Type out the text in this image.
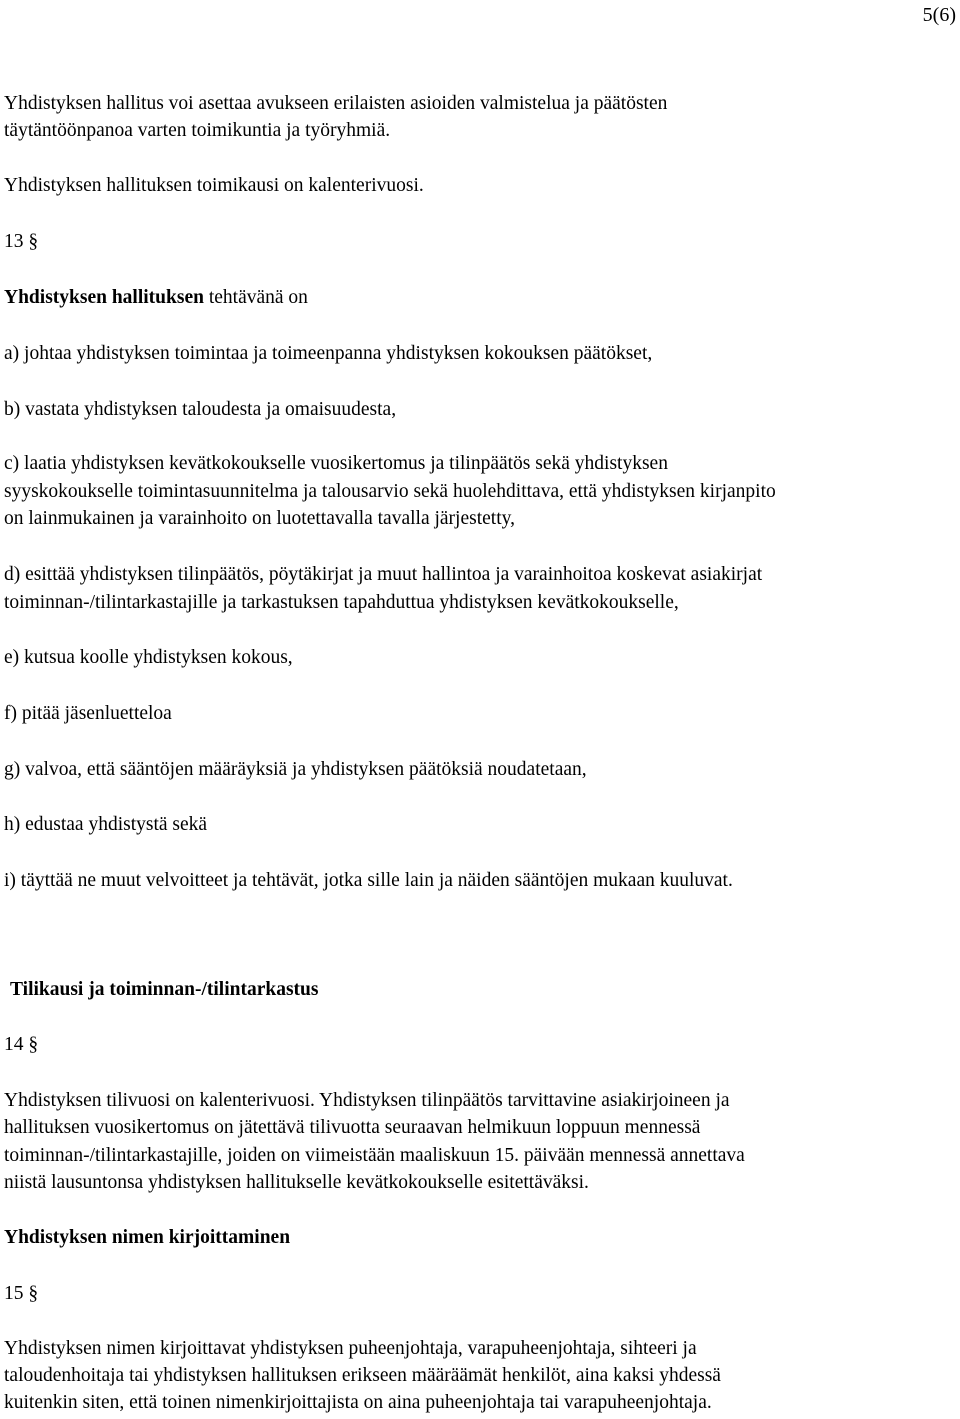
5(6)
Yhdistyksen hallitus voi asettaa avukseen erilaisten asioiden valmistelua ja päätösten
täytäntöönpanoa varten toimikuntia ja työryhmiä.
Yhdistyksen hallituksen toimikausi on kalenterivuosi.
13 §
Yhdistyksen hallituksen tehtävänä on
a) johtaa yhdistyksen toimintaa ja toimeenpanna yhdistyksen kokouksen päätökset,
b) vastata yhdistyksen taloudesta ja omaisuudesta,
c) laatia yhdistyksen kevätkokoukselle vuosikertomus ja tilinpäätös sekä yhdistyksen
syyskokoukselle toimintasuunnitelma ja talousarvio sekä huolehdittava, että yhdistyksen kirjanpito
on lainmukainen ja varainhoito on luotettavalla tavalla järjestetty,
d) esittää yhdistyksen tilinpäätös, pöytäkirjat ja muut hallintoa ja varainhoitoa koskevat asiakirjat
toiminnan-/tilintarkastajille ja tarkastuksen tapahduttua yhdistyksen kevätkokoukselle,
e) kutsua koolle yhdistyksen kokous,
f) pitää jäsenluetteloa
g) valvoa, että sääntöjen määräyksiä ja yhdistyksen päätöksiä noudatetaan,
h) edustaa yhdistystä sekä
i) täyttää ne muut velvoitteet ja tehtävät, jotka sille lain ja näiden sääntöjen mukaan kuuluvat.
Tilikausi ja toiminnan-/tilintarkastus
14 §
Yhdistyksen tilivuosi on kalenterivuosi. Yhdistyksen tilinpäätös tarvittavine asiakirjoineen ja
hallituksen vuosikertomus on jätettävä tilivuotta seuraavan helmikuun loppuun mennessä
toiminnan-/tilintarkastajille, joiden on viimeistään maaliskuun 15. päivään mennessä annettava
niistä lausuntonsa yhdistyksen hallitukselle kevätkokoukselle esitettäväksi.
Yhdistyksen nimen kirjoittaminen
15 §
Yhdistyksen nimen kirjoittavat yhdistyksen puheenjohtaja, varapuheenjohtaja, sihteeri ja
taloudenhoitaja tai yhdistyksen hallituksen erikseen määräämät henkilöt, aina kaksi yhdessä
kuitenkin siten, että toinen nimenkirjoittajista on aina puheenjohtaja tai varapuheenjohtaja.
